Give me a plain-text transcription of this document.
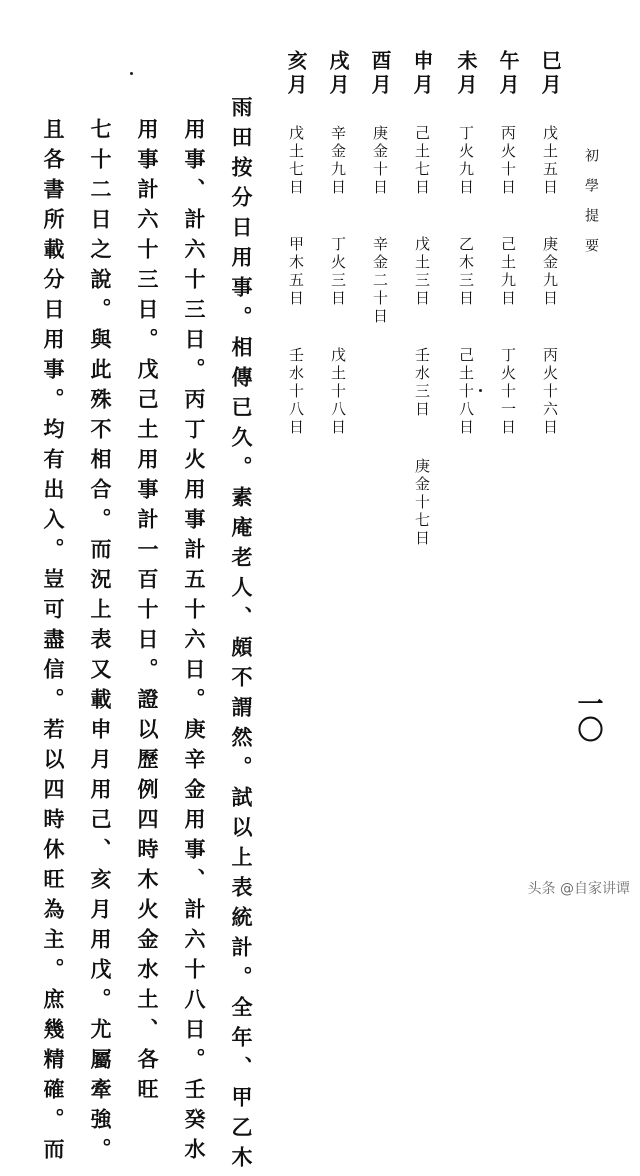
初學提要
巳月 戊土五日 庚金九日 丙火十六日
午月 丙火十日 己土九日 丁火十一日
未月 丁火九日 乙木三日 己土十八日
申月 己土七日 戊土三日 壬水三日 庚金十七日
酉月 庚金十日 辛金二十日
戌月 辛金九日 丁火三日 戊土十八日
亥月 戊土七日 甲木五日 壬水十八日
雨田按分日用事。相傳已久。素庵老人、頗不謂然。試以上表統計。全年、甲乙木
用事、計六十三日。丙丁火用事計五十六日。庚辛金用事、計六十八日。壬癸水
用事計六十三日。戊己土用事計一百十日。證以歷例四時木火金水土、各旺
七十二日之說。與此殊不相合。而況上表又載申月用己、亥月用戊。尤屬牽強。
且各書所載分日用事。均有出入。豈可盡信。若以四時休旺為主。庶幾精確。而	一〇
头条 @自家讲谭
